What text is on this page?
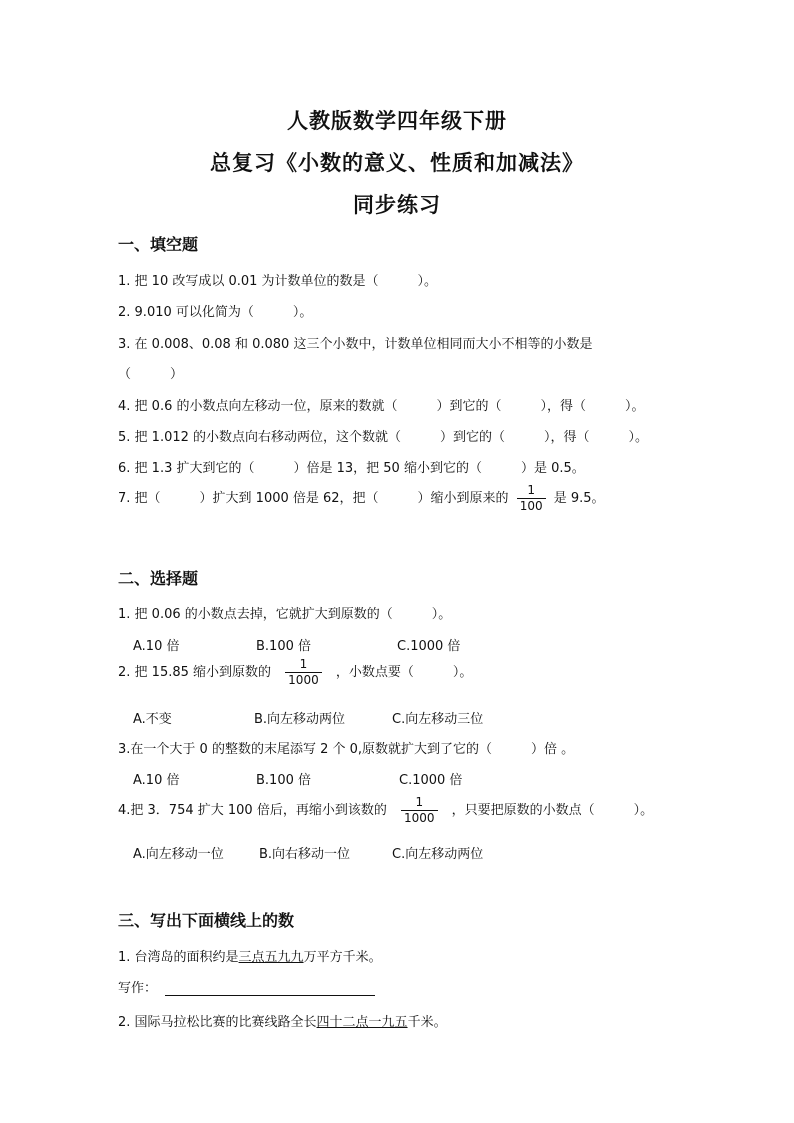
人教版数学四年级下册
总复习《小数的意义、性质和加减法》
同步练习
一、填空题
1. 把 10 改写成以 0.01 为计数单位的数是（　　　）。
2. 9.010 可以化简为（　　　）。
3. 在 0.008、0.08 和 0.080 这三个小数中，计数单位相同而大小不相等的小数是
（　　　）
4. 把 0.6 的小数点向左移动一位，原来的数就（　　　）到它的（　　　），得（　　　）。
5. 把 1.012 的小数点向右移动两位，这个数就（　　　）到它的（　　　），得（　　　）。
6. 把 1.3 扩大到它的（　　　）倍是 13，把 50 缩小到它的（　　　）是 0.5。
7. 把（　　　）扩大到 1000 倍是 62，把（　　　）缩小到原来的 $\frac{1}{100}$ 是 9.5。
二、选择题
1. 把 0.06 的小数点去掉，它就扩大到原数的（　　　）。
A.10 倍	B.100 倍	C.1000 倍
2. 把 15.85 缩小到原数的 $\frac{1}{1000}$ ，小数点要（　　　）。
A.不变	B.向左移动两位	C.向左移动三位
3.在一个大于 0 的整数的末尾添写 2 个 0,原数就扩大到了它的（　　　）倍 。
A.10 倍	B.100 倍	C.1000 倍
4.把 3．754 扩大 100 倍后，再缩小到该数的 $\frac{1}{1000}$ ，只要把原数的小数点（　　　）。
A.向左移动一位	B.向右移动一位	C.向左移动两位
三、写出下面横线上的数
1. 台湾岛的面积约是三点五九九万平方千米。
写作：
2. 国际马拉松比赛的比赛线路全长四十二点一九五千米。
